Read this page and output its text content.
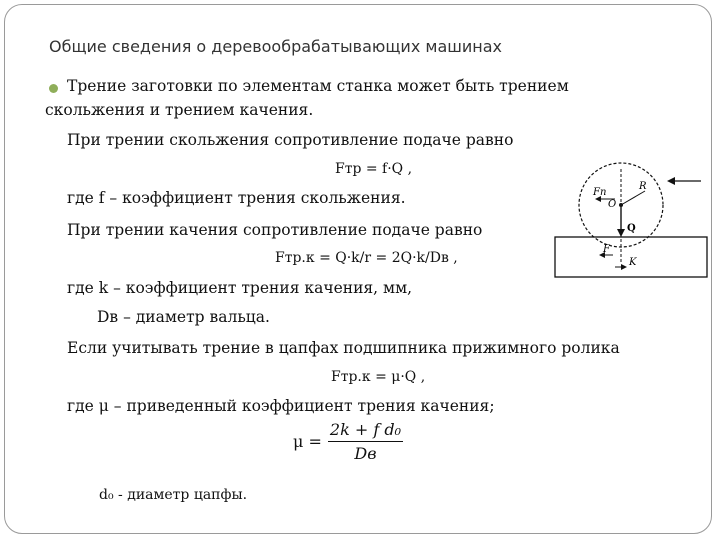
Общие сведения о деревообрабатывающих машинах
Трение заготовки по элементам станка может быть трением
скольжения и трением качения.
При трении скольжения сопротивление подаче равно
Fтр = f·Q ,
где f – коэффициент трения скольжения.
При трении качения сопротивление подаче равно
Fтр.к = Q·k/r = 2Q·k/Dв ,
где k – коэффициент трения качения, мм,
Dв – диаметр вальца.
Если учитывать трение в цапфах подшипника прижимного ролика
Fтр.к = μ·Q ,
где μ – приведенный коэффициент трения качения;
$\mu = \frac{\text{2k + f d₀}}{Dв}$
d₀ - диаметр цапфы.
Fп
O
R
Q
F
K
